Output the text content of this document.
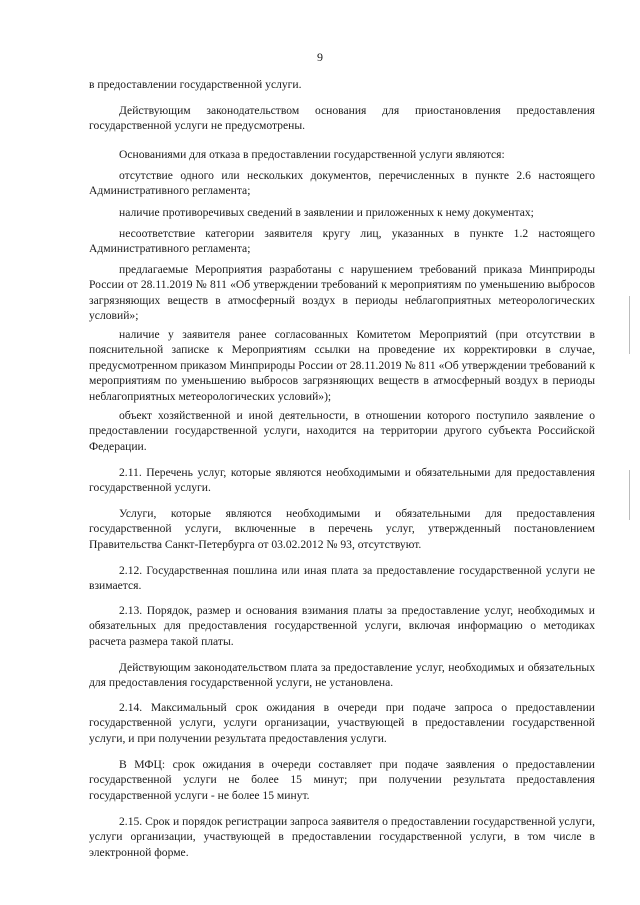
9

в предоставлении государственной услуги.

Действующим законодательством основания для приостановления предоставления государственной услуги не предусмотрены.

Основаниями для отказа в предоставлении государственной услуги являются:

отсутствие одного или нескольких документов, перечисленных в пункте 2.6 настоящего Административного регламента;

наличие противоречивых сведений в заявлении и приложенных к нему документах;

несоответствие категории заявителя кругу лиц, указанных в пункте 1.2 настоящего Административного регламента;

предлагаемые Мероприятия разработаны с нарушением требований приказа Минприроды России от 28.11.2019 № 811 «Об утверждении требований к мероприятиям по уменьшению выбросов загрязняющих веществ в атмосферный воздух в периоды неблагоприятных метеорологических условий»;

наличие у заявителя ранее согласованных Комитетом Мероприятий (при отсутствии в пояснительной записке к Мероприятиям ссылки на проведение их корректировки в случае, предусмотренном приказом Минприроды России от 28.11.2019 № 811 «Об утверждении требований к мероприятиям по уменьшению выбросов загрязняющих веществ в атмосферный воздух в периоды неблагоприятных метеорологических условий»);

объект хозяйственной и иной деятельности, в отношении которого поступило заявление о предоставлении государственной услуги, находится на территории другого субъекта Российской Федерации.

2.11. Перечень услуг, которые являются необходимыми и обязательными для предоставления государственной услуги.

Услуги, которые являются необходимыми и обязательными для предоставления государственной услуги, включенные в перечень услуг, утвержденный постановлением Правительства Санкт-Петербурга от 03.02.2012 № 93, отсутствуют.

2.12. Государственная пошлина или иная плата за предоставление государственной услуги не взимается.

2.13. Порядок, размер и основания взимания платы за предоставление услуг, необходимых и обязательных для предоставления государственной услуги, включая информацию о методиках расчета размера такой платы.

Действующим законодательством плата за предоставление услуг, необходимых и обязательных для предоставления государственной услуги, не установлена.

2.14. Максимальный срок ожидания в очереди при подаче запроса о предоставлении государственной услуги, услуги организации, участвующей в предоставлении государственной услуги, и при получении результата предоставления услуги.

В МФЦ: срок ожидания в очереди составляет при подаче заявления о предоставлении государственной услуги не более 15 минут; при получении результата предоставления государственной услуги - не более 15 минут.

2.15. Срок и порядок регистрации запроса заявителя о предоставлении государственной услуги, услуги организации, участвующей в предоставлении государственной услуги, в том числе в электронной форме.
